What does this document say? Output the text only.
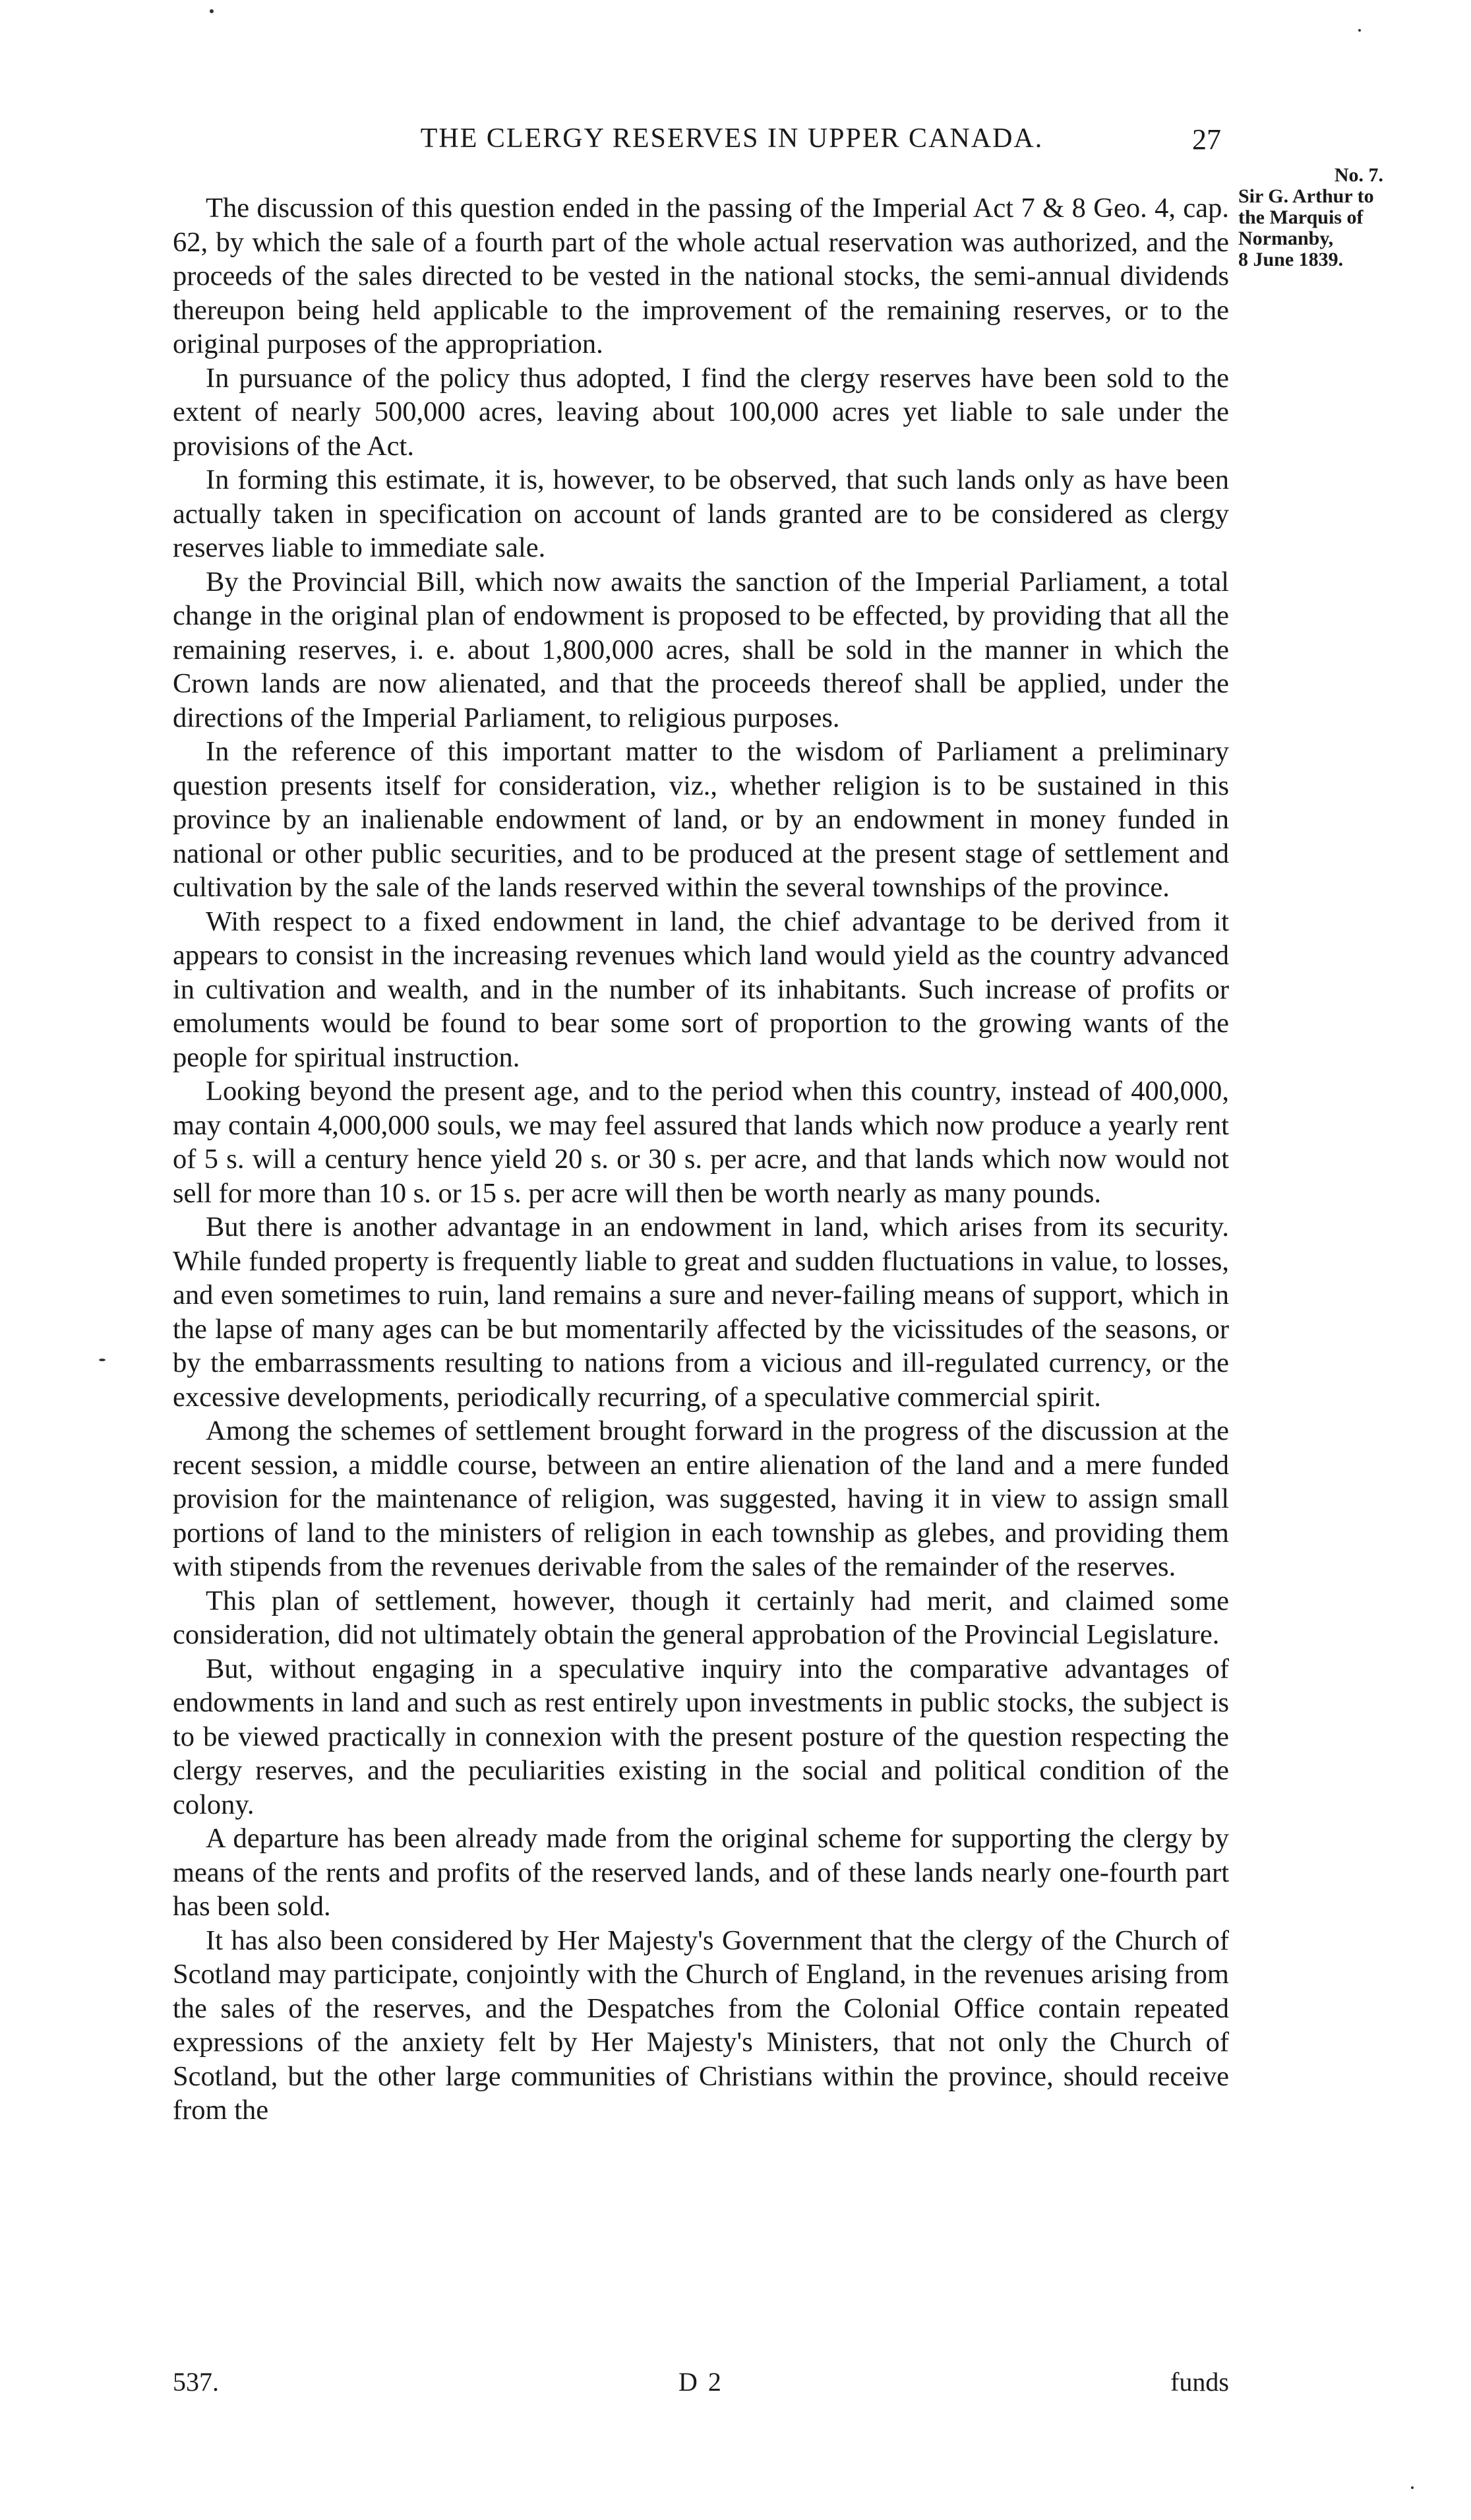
THE CLERGY RESERVES IN UPPER CANADA.	27
No. 7.
Sir G. Arthur to
the Marquis of
Normanby,
8 June 1839.

The discussion of this question ended in the passing of the Imperial Act 7 & 8 Geo. 4, cap. 62, by which the sale of a fourth part of the whole actual reservation was authorized, and the proceeds of the sales directed to be vested in the national stocks, the semi-annual dividends thereupon being held applicable to the improvement of the remaining reserves, or to the original purposes of the appropriation.

In pursuance of the policy thus adopted, I find the clergy reserves have been sold to the extent of nearly 500,000 acres, leaving about 100,000 acres yet liable to sale under the provisions of the Act.

In forming this estimate, it is, however, to be observed, that such lands only as have been actually taken in specification on account of lands granted are to be considered as clergy reserves liable to immediate sale.

By the Provincial Bill, which now awaits the sanction of the Imperial Parliament, a total change in the original plan of endowment is proposed to be effected, by providing that all the remaining reserves, i. e. about 1,800,000 acres, shall be sold in the manner in which the Crown lands are now alienated, and that the proceeds thereof shall be applied, under the directions of the Imperial Parliament, to religious purposes.

In the reference of this important matter to the wisdom of Parliament a preliminary question presents itself for consideration, viz., whether religion is to be sustained in this province by an inalienable endowment of land, or by an endowment in money funded in national or other public securities, and to be produced at the present stage of settlement and cultivation by the sale of the lands reserved within the several townships of the province.

With respect to a fixed endowment in land, the chief advantage to be derived from it appears to consist in the increasing revenues which land would yield as the country advanced in cultivation and wealth, and in the number of its inhabitants. Such increase of profits or emoluments would be found to bear some sort of proportion to the growing wants of the people for spiritual instruction.

Looking beyond the present age, and to the period when this country, instead of 400,000, may contain 4,000,000 souls, we may feel assured that lands which now produce a yearly rent of 5 s. will a century hence yield 20 s. or 30 s. per acre, and that lands which now would not sell for more than 10 s. or 15 s. per acre will then be worth nearly as many pounds.

But there is another advantage in an endowment in land, which arises from its security. While funded property is frequently liable to great and sudden fluctuations in value, to losses, and even sometimes to ruin, land remains a sure and never-failing means of support, which in the lapse of many ages can be but momentarily affected by the vicissitudes of the seasons, or by the embarrassments resulting to nations from a vicious and ill-regulated currency, or the excessive developments, periodically recurring, of a speculative commercial spirit.

Among the schemes of settlement brought forward in the progress of the discussion at the recent session, a middle course, between an entire alienation of the land and a mere funded provision for the maintenance of religion, was suggested, having it in view to assign small portions of land to the ministers of religion in each township as glebes, and providing them with stipends from the revenues derivable from the sales of the remainder of the reserves.

This plan of settlement, however, though it certainly had merit, and claimed some consideration, did not ultimately obtain the general approbation of the Provincial Legislature.

But, without engaging in a speculative inquiry into the comparative advantages of endowments in land and such as rest entirely upon investments in public stocks, the subject is to be viewed practically in connexion with the present posture of the question respecting the clergy reserves, and the peculiarities existing in the social and political condition of the colony.

A departure has been already made from the original scheme for supporting the clergy by means of the rents and profits of the reserved lands, and of these lands nearly one-fourth part has been sold.

It has also been considered by Her Majesty's Government that the clergy of the Church of Scotland may participate, conjointly with the Church of England, in the revenues arising from the sales of the reserves, and the Despatches from the Colonial Office contain repeated expressions of the anxiety felt by Her Majesty's Ministers, that not only the Church of Scotland, but the other large communities of Christians within the province, should receive from the

537.	D 2	funds
